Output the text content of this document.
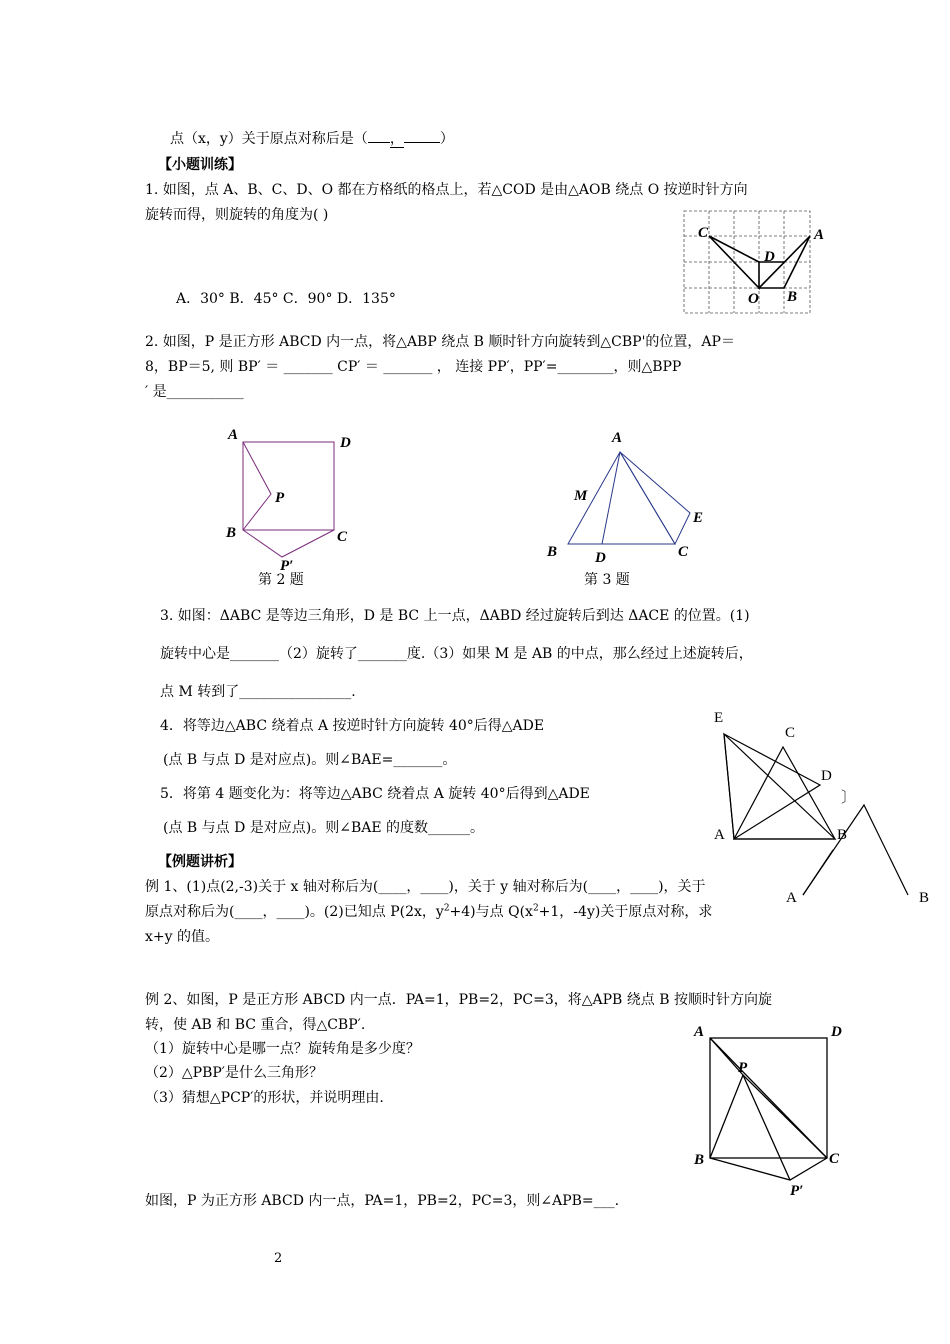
点（x，y）关于原点对称后是（ ，	）
【小题训练】
1. 如图，点 A、B、C、D、O 都在方格纸的格点上，若△COD 是由△AOB 绕点 O 按逆时针方向
旋转而得，则旋转的角度为( )
A．30° B．45° C．90° D．135°
C	A
D
O B
2. 如图，P 是正方形 ABCD 内一点，将△ABP 绕点 B 顺时针方向旋转到△CBP'的位置，AP＝
8，BP＝5, 则 BP′ ＝ _______ CP′ ＝ _______ ， 连接 PP′，PP′=________，则△BPP
′ 是___________
A	D
P
B	C
P′
第 2 题
A
M
E
B	D	C
第 3 题
3. 如图：ΔABC 是等边三角形，D 是 BC 上一点，ΔABD 经过旋转后到达 ΔACE 的位置。(1)
旋转中心是_______（2）旋转了_______度.（3）如果 M 是 AB 的中点，那么经过上述旋转后，
点 M 转到了________________.
4．将等边△ABC 绕着点 A 按逆时针方向旋转 40°后得△ADE
(点 B 与点 D 是对应点)。则∠BAE=_______。
5．将第 4 题变化为：将等边△ABC 绕着点 A 旋转 40°后得到△ADE
(点 B 与点 D 是对应点)。则∠BAE 的度数______。
E
C
D
A	B
〕
A	B
【例题讲析】
例 1、(1)点(2,-3)关于 x 轴对称后为(____，____)，关于 y 轴对称后为(____，____)，关于
原点对称后为(____，____)。(2)已知点 P(2x，$y^2+4$)与点 $Q(x^2+1$，-4y)关于原点对称，求
x+y 的值。
例 2、如图，P 是正方形 ABCD 内一点．PA=1，PB=2，PC=3，将△APB 绕点 B 按顺时针方向旋
转，使 AB 和 BC 重合，得△CBP′.
（1）旋转中心是哪一点？旋转角是多少度？
（2）△PBP′是什么三角形？
（3）猜想△PCP′的形状，并说明理由.
A	D
P
B	C
P′
如图，P 为正方形 ABCD 内一点，PA=1，PB=2，PC=3，则∠APB=___.
2
